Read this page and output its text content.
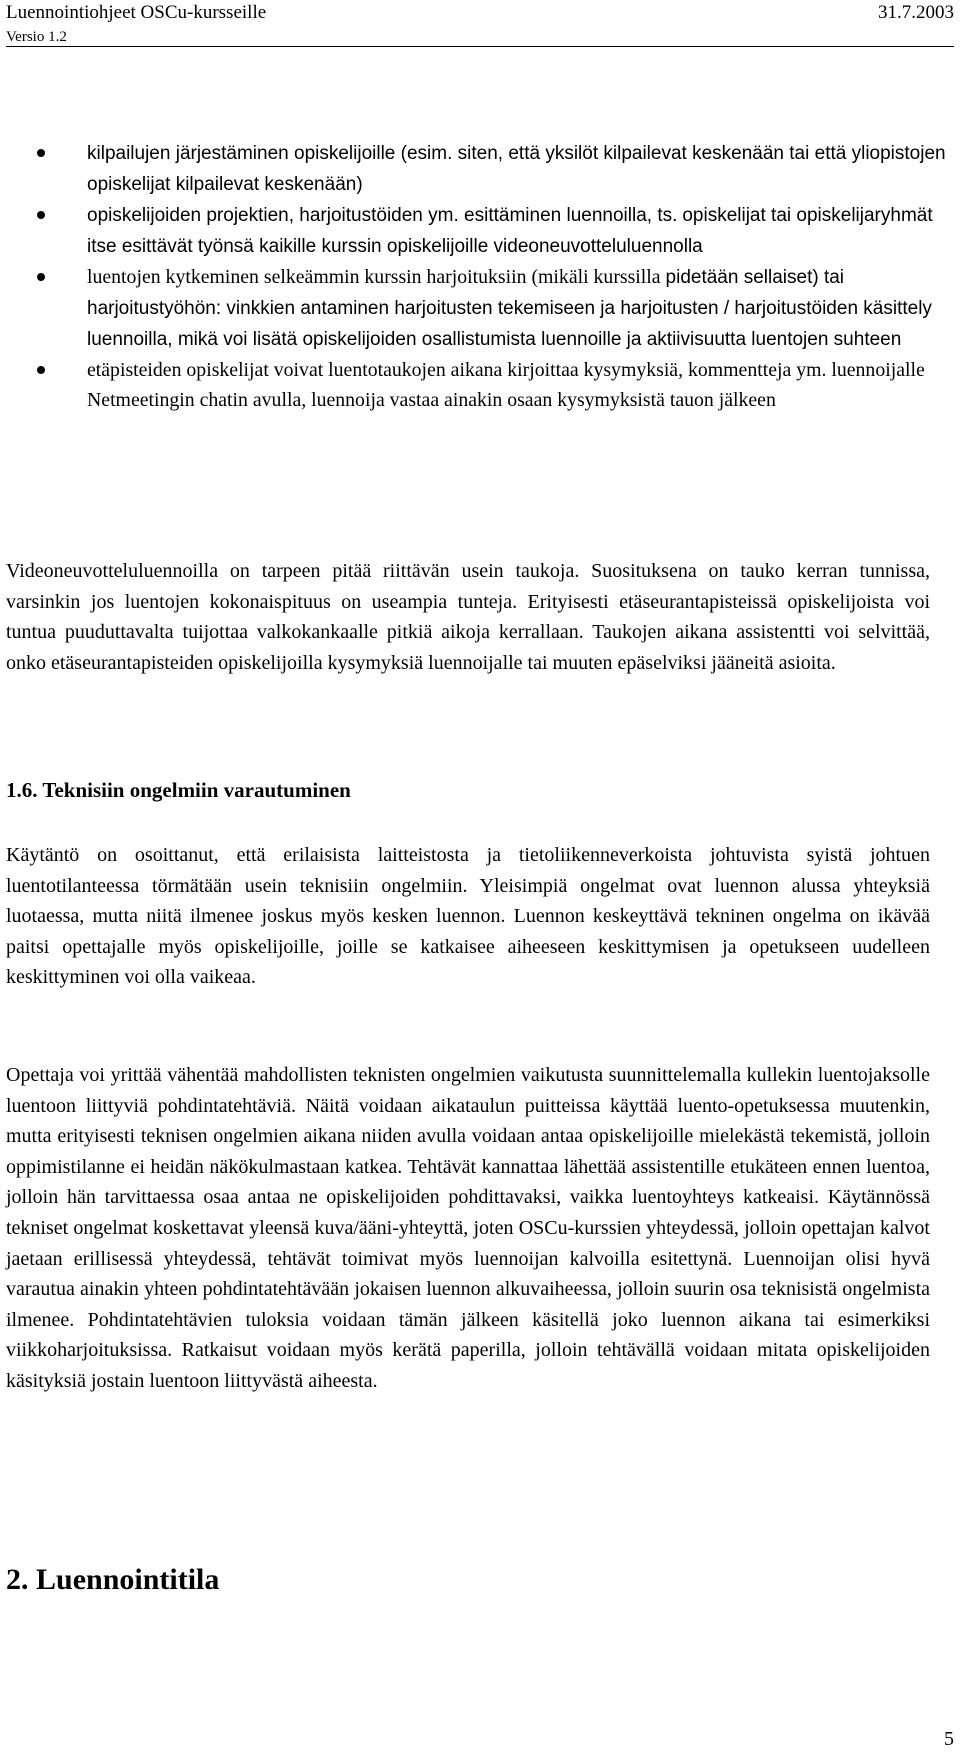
Luennointiohjeet OSCu-kursseille	31.7.2003
Versio 1.2
kilpailujen järjestäminen opiskelijoille (esim. siten, että yksilöt kilpailevat keskenään tai että yliopistojen opiskelijat kilpailevat keskenään)
opiskelijoiden projektien, harjoitustöiden ym. esittäminen luennoilla, ts. opiskelijat tai opiskelijaryhmät itse esittävät työnsä kaikille kurssin opiskelijoille videoneuvotteluluennolla
luentojen kytkeminen selkeämmin kurssin harjoituksiin (mikäli kurssilla pidetään sellaiset) tai harjoitustyöhön: vinkkien antaminen harjoitusten tekemiseen ja harjoitusten / harjoitustöiden käsittely luennoilla, mikä voi lisätä opiskelijoiden osallistumista luennoille ja aktiivisuutta luentojen suhteen
etäpisteiden opiskelijat voivat luentotaukojen aikana kirjoittaa kysymyksiä, kommentteja ym. luennoijalle Netmeetingin chatin avulla, luennoija vastaa ainakin osaan kysymyksistä tauon jälkeen

Videoneuvotteluluennoilla on tarpeen pitää riittävän usein taukoja. Suosituksena on tauko kerran tunnissa, varsinkin jos luentojen kokonaispituus on useampia tunteja. Erityisesti etäseurantapisteissä opiskelijoista voi tuntua puuduttavalta tuijottaa valkokankaalle pitkiä aikoja kerrallaan. Taukojen aikana assistentti voi selvittää, onko etäseurantapisteiden opiskelijoilla kysymyksiä luennoijalle tai muuten epäselviksi jääneitä asioita.

1.6. Teknisiin ongelmiin varautuminen

Käytäntö on osoittanut, että erilaisista laitteistosta ja tietoliikenneverkoista johtuvista syistä johtuen luentotilanteessa törmätään usein teknisiin ongelmiin. Yleisimpiä ongelmat ovat luennon alussa yhteyksiä luotaessa, mutta niitä ilmenee joskus myös kesken luennon. Luennon keskeyttävä tekninen ongelma on ikävää paitsi opettajalle myös opiskelijoille, joille se katkaisee aiheeseen keskittymisen ja opetukseen uudelleen keskittyminen voi olla vaikeaa.

Opettaja voi yrittää vähentää mahdollisten teknisten ongelmien vaikutusta suunnittelemalla kullekin luentojaksolle luentoon liittyviä pohdintatehtäviä. Näitä voidaan aikataulun puitteissa käyttää luento-opetuksessa muutenkin, mutta erityisesti teknisen ongelmien aikana niiden avulla voidaan antaa opiskelijoille mielekästä tekemistä, jolloin oppimistilanne ei heidän näkökulmastaan katkea. Tehtävät kannattaa lähettää assistentille etukäteen ennen luentoa, jolloin hän tarvittaessa osaa antaa ne opiskelijoiden pohdittavaksi, vaikka luentoyhteys katkeaisi. Käytännössä tekniset ongelmat koskettavat yleensä kuva/ääni-yhteyttä, joten OSCu-kurssien yhteydessä, jolloin opettajan kalvot jaetaan erillisessä yhteydessä, tehtävät toimivat myös luennoijan kalvoilla esitettynä. Luennoijan olisi hyvä varautua ainakin yhteen pohdintatehtävään jokaisen luennon alkuvaiheessa, jolloin suurin osa teknisistä ongelmista ilmenee. Pohdintatehtävien tuloksia voidaan tämän jälkeen käsitellä joko luennon aikana tai esimerkiksi viikkoharjoituksissa. Ratkaisut voidaan myös kerätä paperilla, jolloin tehtävällä voidaan mitata opiskelijoiden käsityksiä jostain luentoon liittyvästä aiheesta.

2. Luennointitila
5
